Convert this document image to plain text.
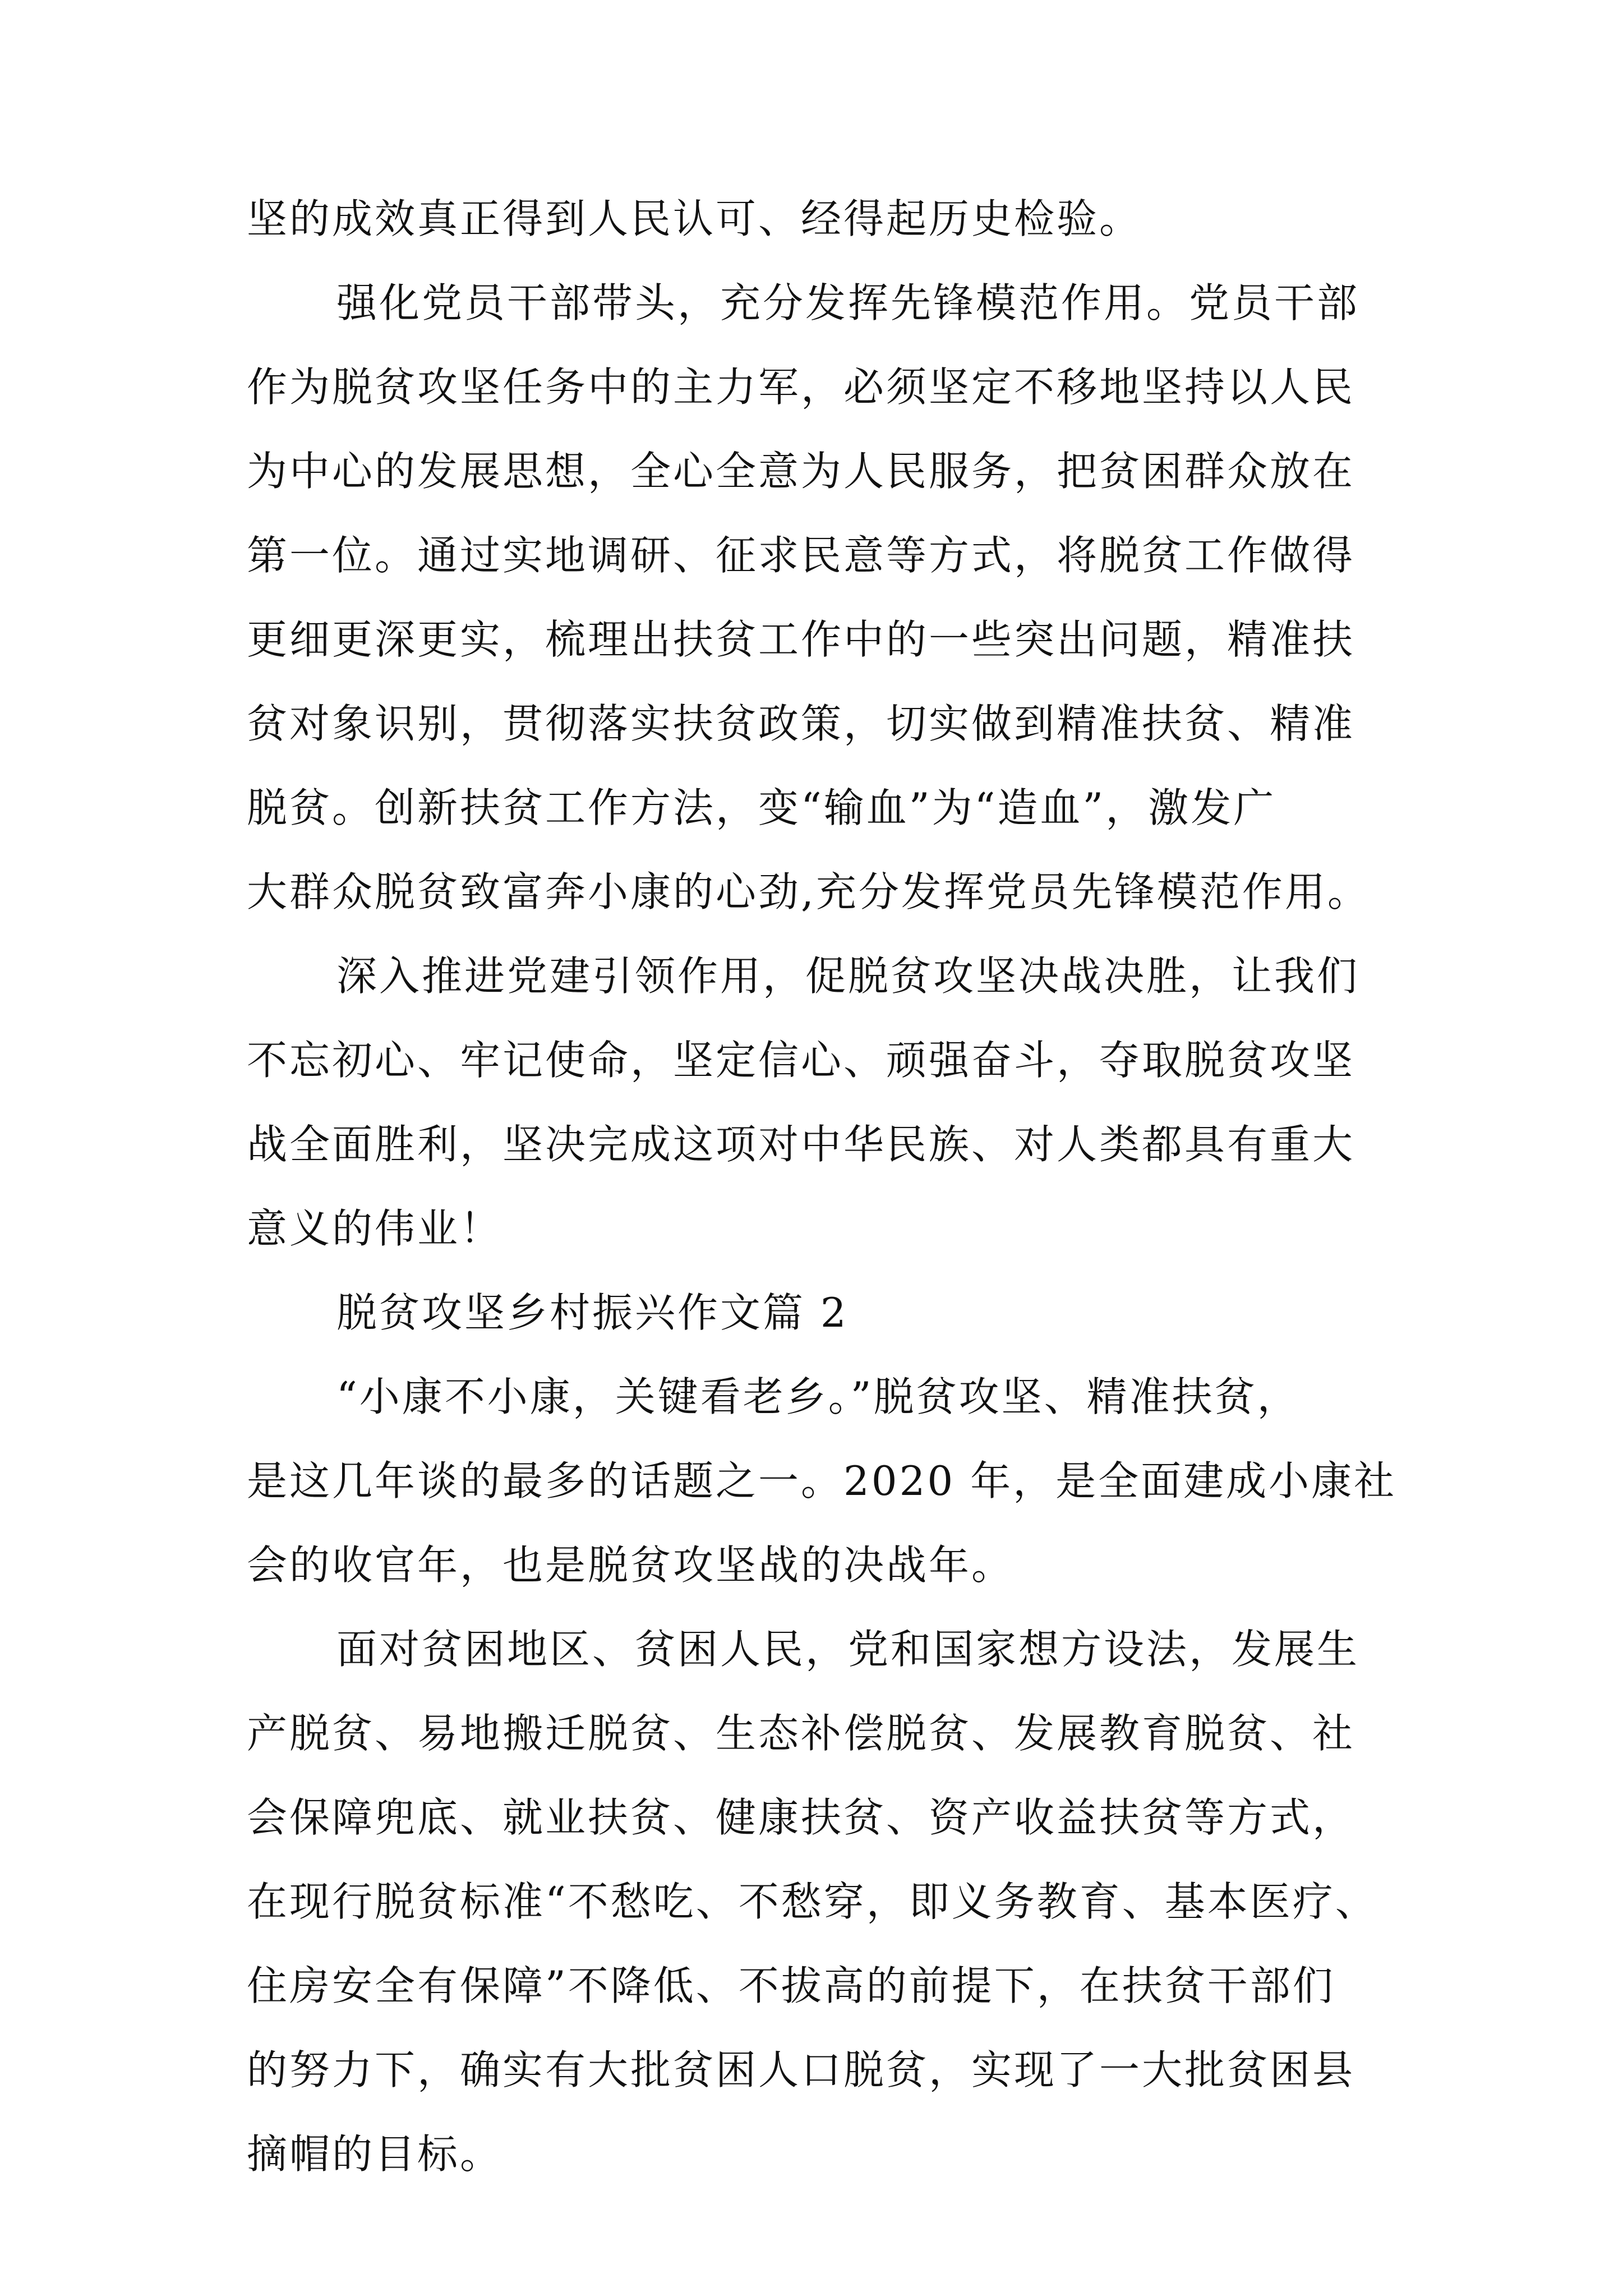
坚的成效真正得到人民认可、经得起历史检验。
强化党员干部带头，充分发挥先锋模范作用。党员干部
作为脱贫攻坚任务中的主力军，必须坚定不移地坚持以人民
为中心的发展思想，全心全意为人民服务，把贫困群众放在
第一位。通过实地调研、征求民意等方式，将脱贫工作做得
更细更深更实，梳理出扶贫工作中的一些突出问题，精准扶
贫对象识别，贯彻落实扶贫政策，切实做到精准扶贫、精准
脱贫。创新扶贫工作方法，变“输血”为“造血”，激发广
大群众脱贫致富奔小康的心劲,充分发挥党员先锋模范作用。
深入推进党建引领作用，促脱贫攻坚决战决胜，让我们
不忘初心、牢记使命，坚定信心、顽强奋斗，夺取脱贫攻坚
战全面胜利，坚决完成这项对中华民族、对人类都具有重大
意义的伟业！
脱贫攻坚乡村振兴作文篇 2
“小康不小康，关键看老乡。”脱贫攻坚、精准扶贫，
是这几年谈的最多的话题之一。2020 年，是全面建成小康社
会的收官年，也是脱贫攻坚战的决战年。
面对贫困地区、贫困人民，党和国家想方设法，发展生
产脱贫、易地搬迁脱贫、生态补偿脱贫、发展教育脱贫、社
会保障兜底、就业扶贫、健康扶贫、资产收益扶贫等方式，
在现行脱贫标准“不愁吃、不愁穿，即义务教育、基本医疗、
住房安全有保障”不降低、不拔高的前提下，在扶贫干部们
的努力下，确实有大批贫困人口脱贫，实现了一大批贫困县
摘帽的目标。
